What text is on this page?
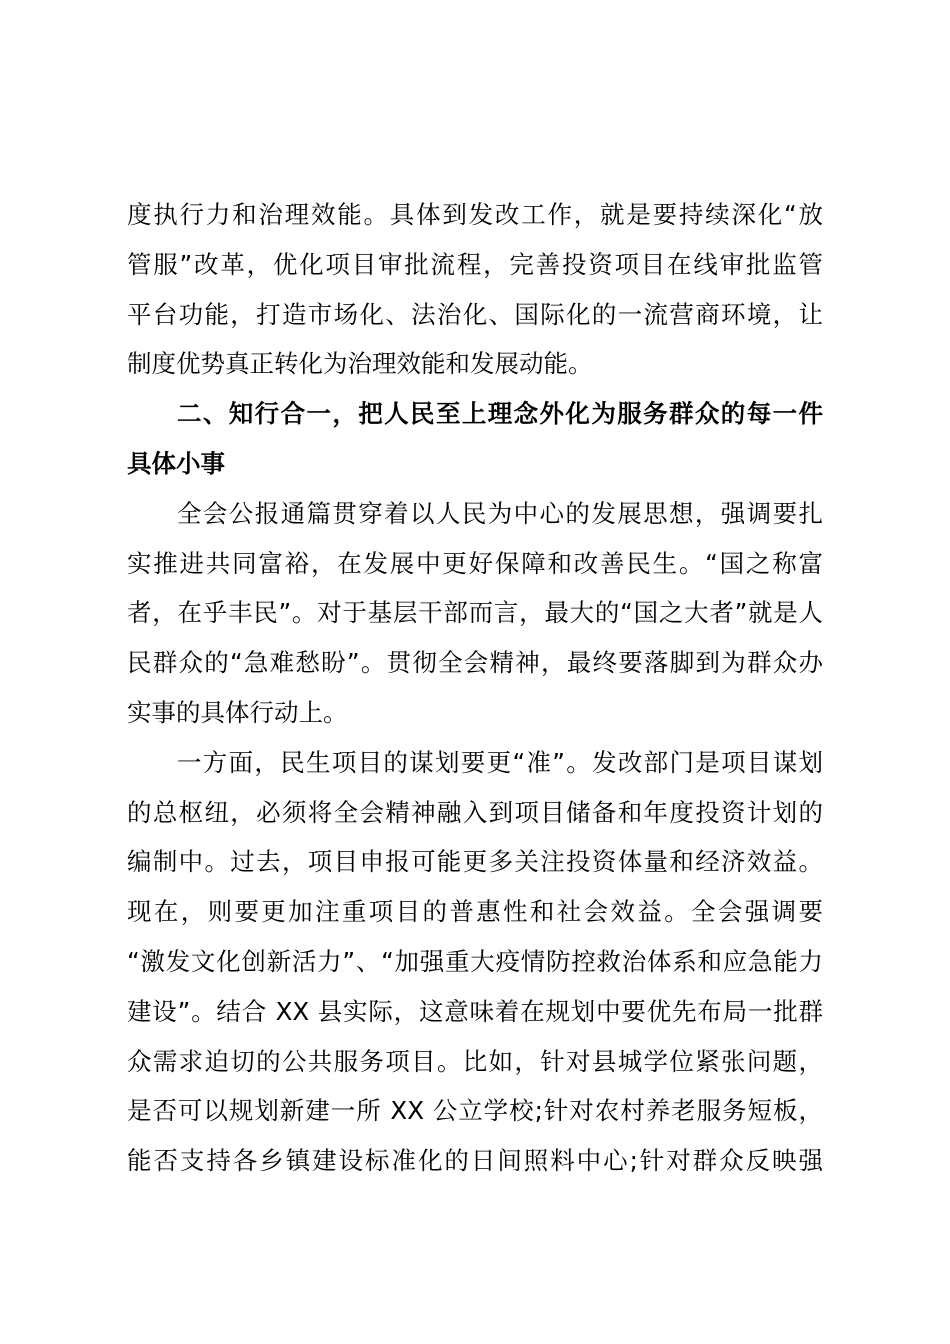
度执行力和治理效能。具体到发改工作，就是要持续深化“放
管服”改革，优化项目审批流程，完善投资项目在线审批监管
平台功能，打造市场化、法治化、国际化的一流营商环境，让
制度优势真正转化为治理效能和发展动能。
二、知行合一，把人民至上理念外化为服务群众的每一件
具体小事
全会公报通篇贯穿着以人民为中心的发展思想，强调要扎
实推进共同富裕，在发展中更好保障和改善民生。“国之称富
者，在乎丰民”。对于基层干部而言，最大的“国之大者”就是人
民群众的“急难愁盼”。贯彻全会精神，最终要落脚到为群众办
实事的具体行动上。
一方面，民生项目的谋划要更“准”。发改部门是项目谋划
的总枢纽，必须将全会精神融入到项目储备和年度投资计划的
编制中。过去，项目申报可能更多关注投资体量和经济效益。
现在，则要更加注重项目的普惠性和社会效益。全会强调要
“激发文化创新活力”、“加强重大疫情防控救治体系和应急能力
建设”。结合 XX 县实际，这意味着在规划中要优先布局一批群
众需求迫切的公共服务项目。比如，针对县城学位紧张问题，
是否可以规划新建一所 XX 公立学校;针对农村养老服务短板，
能否支持各乡镇建设标准化的日间照料中心;针对群众反映强
